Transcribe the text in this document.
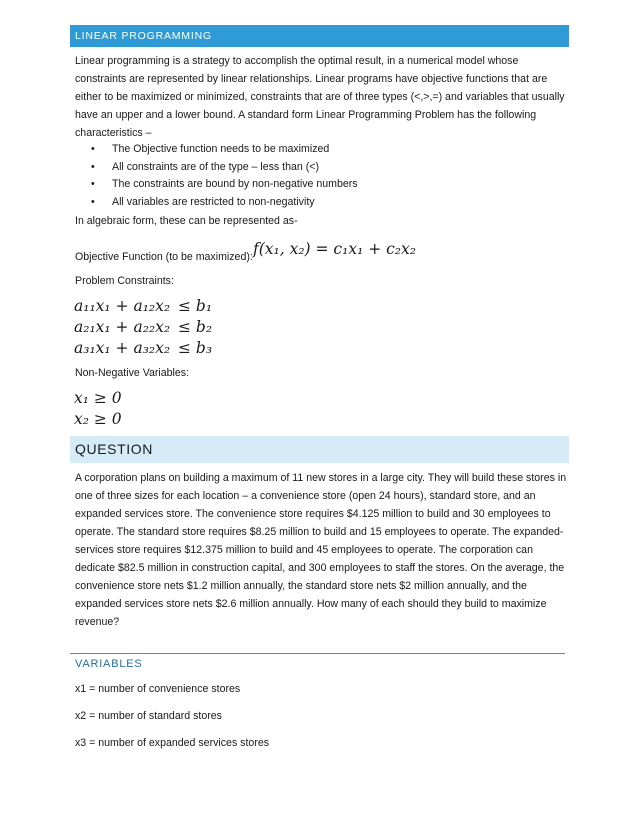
LINEAR PROGRAMMING

Linear programming is a strategy to accomplish the optimal result, in a numerical model whose constraints are represented by linear relationships. Linear programs have objective functions that are either to be maximized or minimized, constraints that are of three types (<,>,=) and variables that usually have an upper and a lower bound. A standard form Linear Programming Problem has the following characteristics –

• The Objective function needs to be maximized
• All constraints are of the type – less than (<)
• The constraints are bound by non-negative numbers
• All variables are restricted to non-negativity

In algebraic form, these can be represented as-

Objective Function (to be maximized): f(x₁, x₂) = c₁x₁ + c₂x₂

Problem Constraints:

a₁₁x₁ + a₁₂x₂ ≤ b₁
a₂₁x₁ + a₂₂x₂ ≤ b₂
a₃₁x₁ + a₃₂x₂ ≤ b₃

Non-Negative Variables:

x₁ ≥ 0
x₂ ≥ 0
QUESTION

A corporation plans on building a maximum of 11 new stores in a large city. They will build these stores in one of three sizes for each location – a convenience store (open 24 hours), standard store, and an expanded services store. The convenience store requires $4.125 million to build and 30 employees to operate. The standard store requires $8.25 million to build and 15 employees to operate. The expanded-services store requires $12.375 million to build and 45 employees to operate. The corporation can dedicate $82.5 million in construction capital, and 300 employees to staff the stores. On the average, the convenience store nets $1.2 million annually, the standard store nets $2 million annually, and the expanded services store nets $2.6 million annually. How many of each should they build to maximize revenue?

VARIABLES

x1 = number of convenience stores

x2 = number of standard stores

x3 = number of expanded services stores
